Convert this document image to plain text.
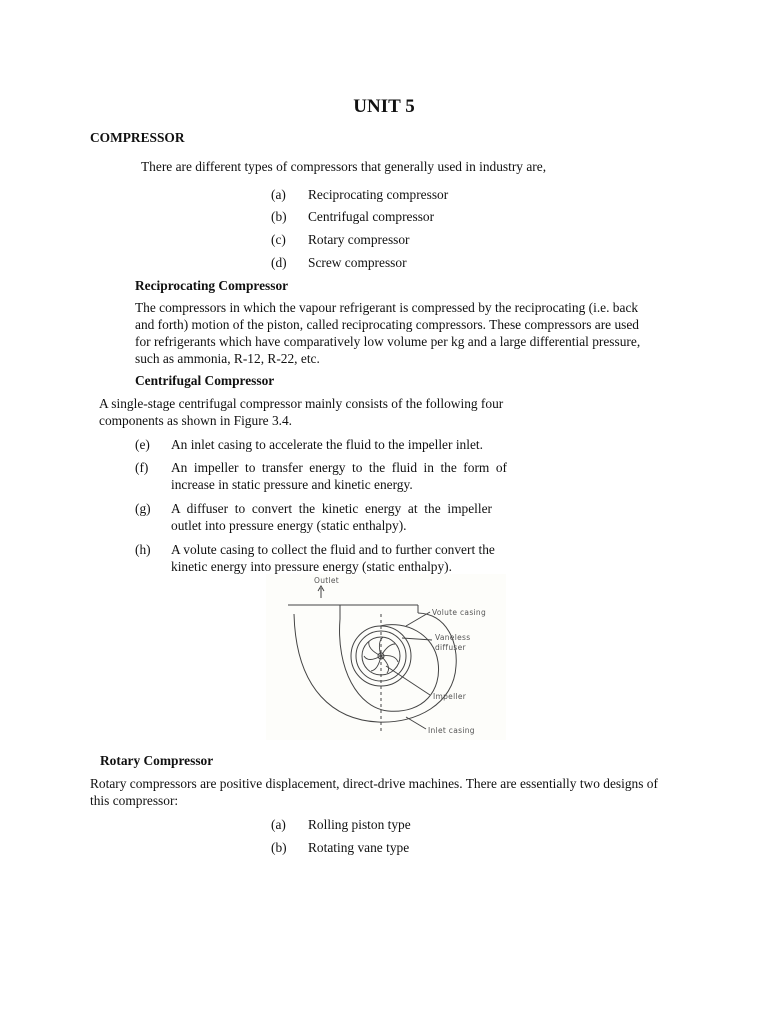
UNIT 5
COMPRESSOR
There are different types of compressors that generally used in industry are,
(a) Reciprocating compressor
(b) Centrifugal compressor
(c) Rotary compressor
(d) Screw compressor
Reciprocating Compressor
The compressors in which the vapour refrigerant is compressed by the reciprocating (i.e. back
and forth) motion of the piston, called reciprocating compressors. These compressors are used
for refrigerants which have comparatively low volume per kg and a large differential pressure,
such as ammonia, R-12, R-22, etc.
Centrifugal Compressor
A single-stage centrifugal compressor mainly consists of the following four
components as shown in Figure 3.4.
(e) An inlet casing to accelerate the fluid to the impeller inlet.
(f) An impeller to transfer energy to the fluid in the form of
increase in static pressure and kinetic energy.
(g) A diffuser to convert the kinetic energy at the impeller
outlet into pressure energy (static enthalpy).
(h) A volute casing to collect the fluid and to further convert the
kinetic energy into pressure energy (static enthalpy).
Outlet
Volute casing
Vaneless
diffuser
Impeller
Inlet casing
Rotary Compressor
Rotary compressors are positive displacement, direct-drive machines. There are essentially two designs of
this compressor:
(a) Rolling piston type
(b) Rotating vane type
